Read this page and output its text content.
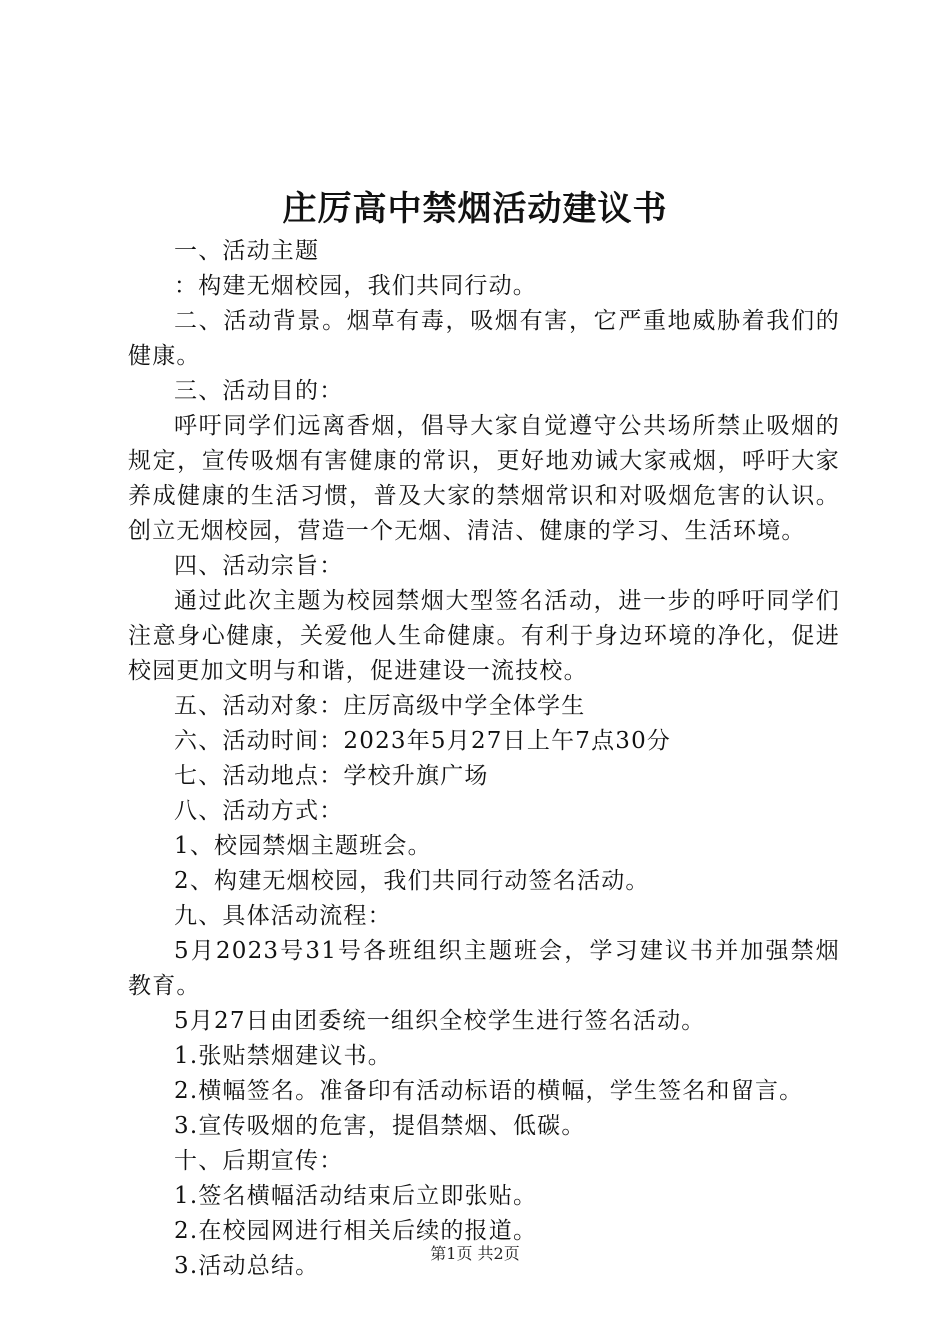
庄厉高中禁烟活动建议书

一、活动主题

：构建无烟校园，我们共同行动。

二、活动背景。烟草有毒，吸烟有害，它严重地威胁着我们的健康。

三、活动目的：

呼吁同学们远离香烟，倡导大家自觉遵守公共场所禁止吸烟的规定，宣传吸烟有害健康的常识，更好地劝诫大家戒烟，呼吁大家养成健康的生活习惯，普及大家的禁烟常识和对吸烟危害的认识。创立无烟校园，营造一个无烟、清洁、健康的学习、生活环境。

四、活动宗旨：

通过此次主题为校园禁烟大型签名活动，进一步的呼吁同学们注意身心健康，关爱他人生命健康。有利于身边环境的净化，促进校园更加文明与和谐，促进建设一流技校。

五、活动对象：庄厉高级中学全体学生

六、活动时间：2023年5月27日上午7点30分

七、活动地点：学校升旗广场

八、活动方式：

1、校园禁烟主题班会。

2、构建无烟校园，我们共同行动签名活动。

九、具体活动流程：

5月2023号31号各班组织主题班会，学习建议书并加强禁烟教育。

5月27日由团委统一组织全校学生进行签名活动。

1.张贴禁烟建议书。

2.横幅签名。准备印有活动标语的横幅，学生签名和留言。

3.宣传吸烟的危害，提倡禁烟、低碳。

十、后期宣传：

1.签名横幅活动结束后立即张贴。

2.在校园网进行相关后续的报道。

3.活动总结。	第1页 共2页
